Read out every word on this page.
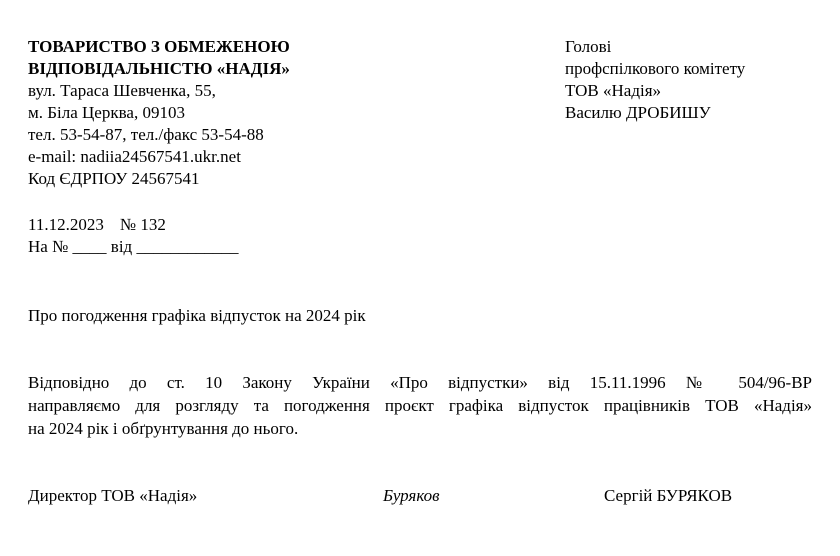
ТОВАРИСТВО З ОБМЕЖЕНОЮ
ВІДПОВІДАЛЬНІСТЮ «НАДІЯ»
вул. Тараса Шевченка, 55,
м. Біла Церква, 09103
тел. 53-54-87, тел./факс 53-54-88
e-mail: nadiia24567541.ukr.net
Код ЄДРПОУ 24567541
Голові
профспілкового комітету
ТОВ «Надія»
Василю ДРОБИШУ
11.12.2023 № 132
На № ____ від ____________
Про погодження графіка відпусток на 2024 рік
Відповідно до ст. 10 Закону України «Про відпустки» від 15.11.1996 № 504/96-ВР
направляємо для розгляду та погодження проєкт графіка відпусток працівників ТОВ «Надія»
на 2024 рік і обґрунтування до нього.
Директор ТОВ «Надія»	Буряков	Сергій БУРЯКОВ
